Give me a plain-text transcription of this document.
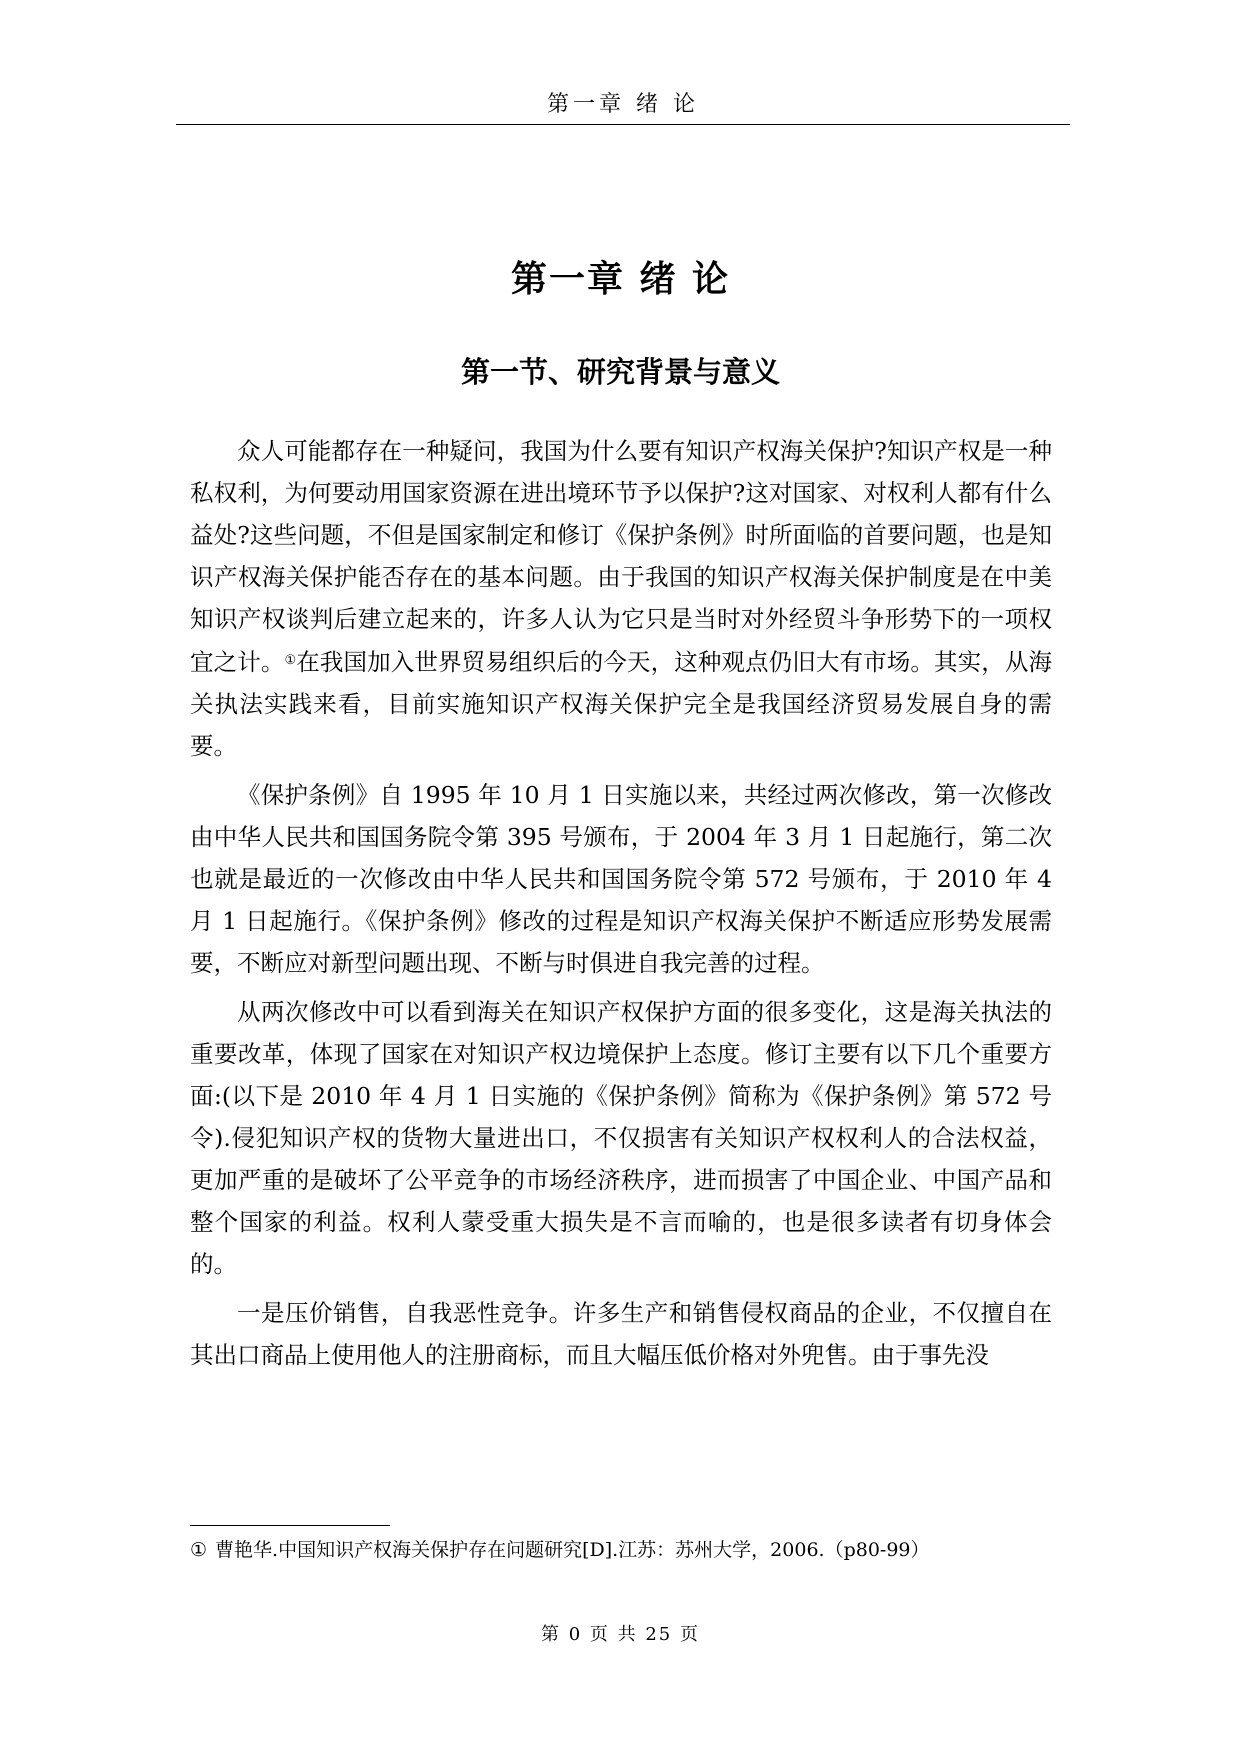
第一章 绪 论
第一章 绪 论
第一节、研究背景与意义

众人可能都存在一种疑问，我国为什么要有知识产权海关保护?知识产权是一种私权利，为何要动用国家资源在进出境环节予以保护?这对国家、对权利人都有什么益处?这些问题，不但是国家制定和修订《保护条例》时所面临的首要问题，也是知识产权海关保护能否存在的基本问题。由于我国的知识产权海关保护制度是在中美知识产权谈判后建立起来的，许多人认为它只是当时对外经贸斗争形势下的一项权宜之计。①在我国加入世界贸易组织后的今天，这种观点仍旧大有市场。其实，从海关执法实践来看，目前实施知识产权海关保护完全是我国经济贸易发展自身的需要。

《保护条例》自 1995 年 10 月 1 日实施以来，共经过两次修改，第一次修改由中华人民共和国国务院令第 395 号颁布，于 2004 年 3 月 1 日起施行，第二次也就是最近的一次修改由中华人民共和国国务院令第 572 号颁布，于 2010 年 4 月 1 日起施行。《保护条例》修改的过程是知识产权海关保护不断适应形势发展需要，不断应对新型问题出现、不断与时俱进自我完善的过程。

从两次修改中可以看到海关在知识产权保护方面的很多变化，这是海关执法的重要改革，体现了国家在对知识产权边境保护上态度。修订主要有以下几个重要方面:(以下是 2010 年 4 月 1 日实施的《保护条例》简称为《保护条例》第 572 号令).侵犯知识产权的货物大量进出口，不仅损害有关知识产权权利人的合法权益，更加严重的是破坏了公平竞争的市场经济秩序，进而损害了中国企业、中国产品和整个国家的利益。权利人蒙受重大损失是不言而喻的，也是很多读者有切身体会的。

一是压价销售，自我恶性竞争。许多生产和销售侵权商品的企业，不仅擅自在其出口商品上使用他人的注册商标，而且大幅压低价格对外兜售。由于事先没

① 曹艳华.中国知识产权海关保护存在问题研究[D].江苏：苏州大学，2006.（p80-99）
第 0 页 共 25 页
